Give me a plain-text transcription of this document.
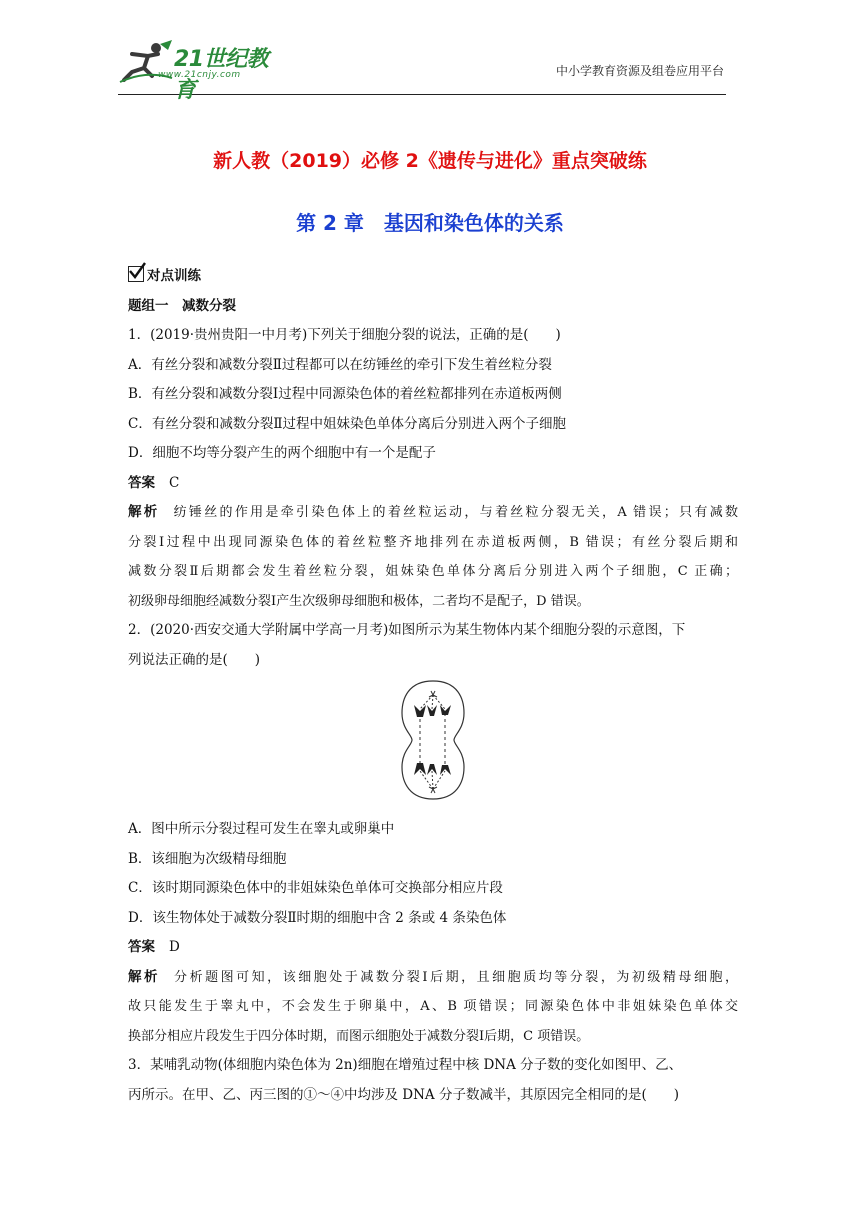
21世纪教育
www.21cnjy.com	中小学教育资源及组卷应用平台
新人教（2019）必修 2《遗传与进化》重点突破练
第 2 章　基因和染色体的关系
对点训练
题组一　减数分裂
1．(2019·贵州贵阳一中月考)下列关于细胞分裂的说法，正确的是(　　)
A．有丝分裂和减数分裂Ⅱ过程都可以在纺锤丝的牵引下发生着丝粒分裂
B．有丝分裂和减数分裂Ⅰ过程中同源染色体的着丝粒都排列在赤道板两侧
C．有丝分裂和减数分裂Ⅱ过程中姐妹染色单体分离后分别进入两个子细胞
D．细胞不均等分裂产生的两个细胞中有一个是配子
答案 C
解析 纺锤丝的作用是牵引染色体上的着丝粒运动，与着丝粒分裂无关，A 错误；只有减数
分裂Ⅰ过程中出现同源染色体的着丝粒整齐地排列在赤道板两侧，B 错误；有丝分裂后期和
减数分裂Ⅱ后期都会发生着丝粒分裂，姐妹染色单体分离后分别进入两个子细胞，C 正确；
初级卵母细胞经减数分裂Ⅰ产生次级卵母细胞和极体，二者均不是配子，D 错误。
2．(2020·西安交通大学附属中学高一月考)如图所示为某生物体内某个细胞分裂的示意图，下
列说法正确的是(　　)
A．图中所示分裂过程可发生在睾丸或卵巢中
B．该细胞为次级精母细胞
C．该时期同源染色体中的非姐妹染色单体可交换部分相应片段
D．该生物体处于减数分裂Ⅱ时期的细胞中含 2 条或 4 条染色体
答案 D
解析 分析题图可知，该细胞处于减数分裂Ⅰ后期，且细胞质均等分裂，为初级精母细胞，
故只能发生于睾丸中，不会发生于卵巢中，A、B 项错误；同源染色体中非姐妹染色单体交
换部分相应片段发生于四分体时期，而图示细胞处于减数分裂Ⅰ后期，C 项错误。
3．某哺乳动物(体细胞内染色体为 2n)细胞在增殖过程中核 DNA 分子数的变化如图甲、乙、
丙所示。在甲、乙、丙三图的①～④中均涉及 DNA 分子数减半，其原因完全相同的是(　　)
